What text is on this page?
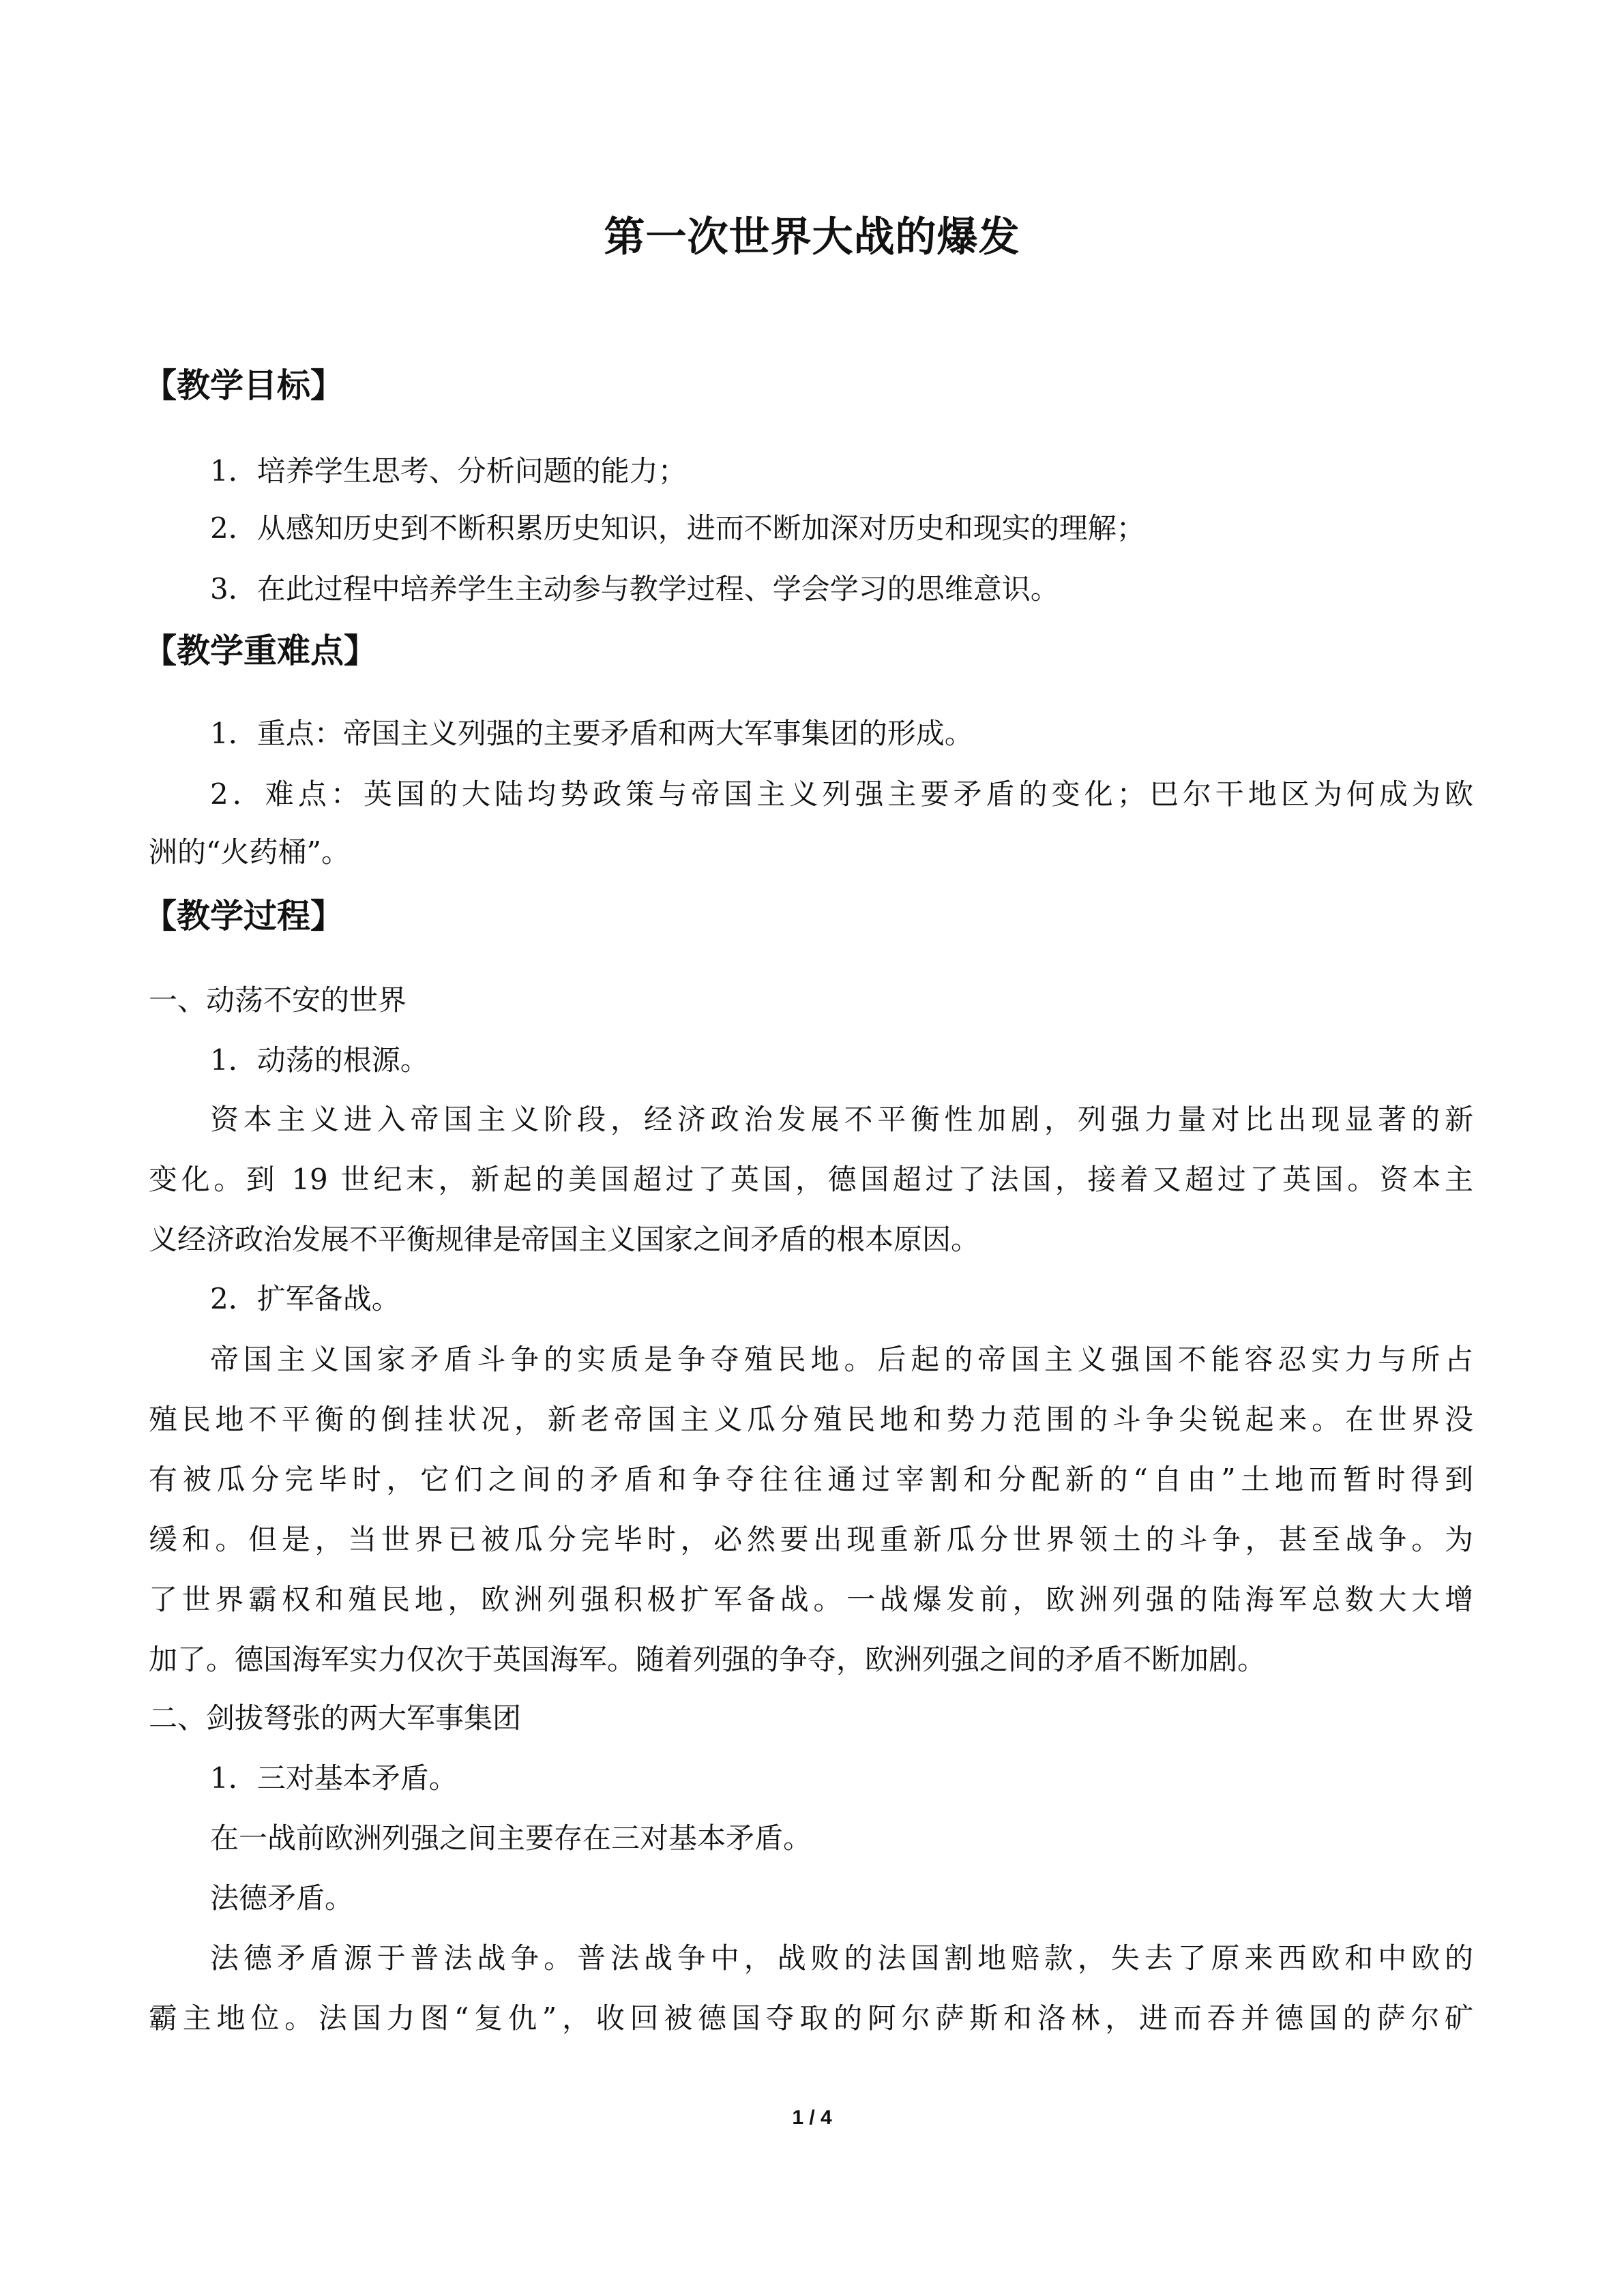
第一次世界大战的爆发
【教学目标】
1．培养学生思考、分析问题的能力；
2．从感知历史到不断积累历史知识，进而不断加深对历史和现实的理解；
3．在此过程中培养学生主动参与教学过程、学会学习的思维意识。
【教学重难点】
1．重点：帝国主义列强的主要矛盾和两大军事集团的形成。
2．难点：英国的大陆均势政策与帝国主义列强主要矛盾的变化；巴尔干地区为何成为欧
洲的“火药桶”。
【教学过程】
一、动荡不安的世界
1．动荡的根源。
资本主义进入帝国主义阶段，经济政治发展不平衡性加剧，列强力量对比出现显著的新
变化。到 19 世纪末，新起的美国超过了英国，德国超过了法国，接着又超过了英国。资本主
义经济政治发展不平衡规律是帝国主义国家之间矛盾的根本原因。
2．扩军备战。
帝国主义国家矛盾斗争的实质是争夺殖民地。后起的帝国主义强国不能容忍实力与所占
殖民地不平衡的倒挂状况，新老帝国主义瓜分殖民地和势力范围的斗争尖锐起来。在世界没
有被瓜分完毕时，它们之间的矛盾和争夺往往通过宰割和分配新的“自由”土地而暂时得到
缓和。但是，当世界已被瓜分完毕时，必然要出现重新瓜分世界领土的斗争，甚至战争。为
了世界霸权和殖民地，欧洲列强积极扩军备战。一战爆发前，欧洲列强的陆海军总数大大增
加了。德国海军实力仅次于英国海军。随着列强的争夺，欧洲列强之间的矛盾不断加剧。
二、剑拔弩张的两大军事集团
1．三对基本矛盾。
在一战前欧洲列强之间主要存在三对基本矛盾。
法德矛盾。
法德矛盾源于普法战争。普法战争中，战败的法国割地赔款，失去了原来西欧和中欧的
霸主地位。法国力图“复仇”，收回被德国夺取的阿尔萨斯和洛林，进而吞并德国的萨尔矿
1 / 4
